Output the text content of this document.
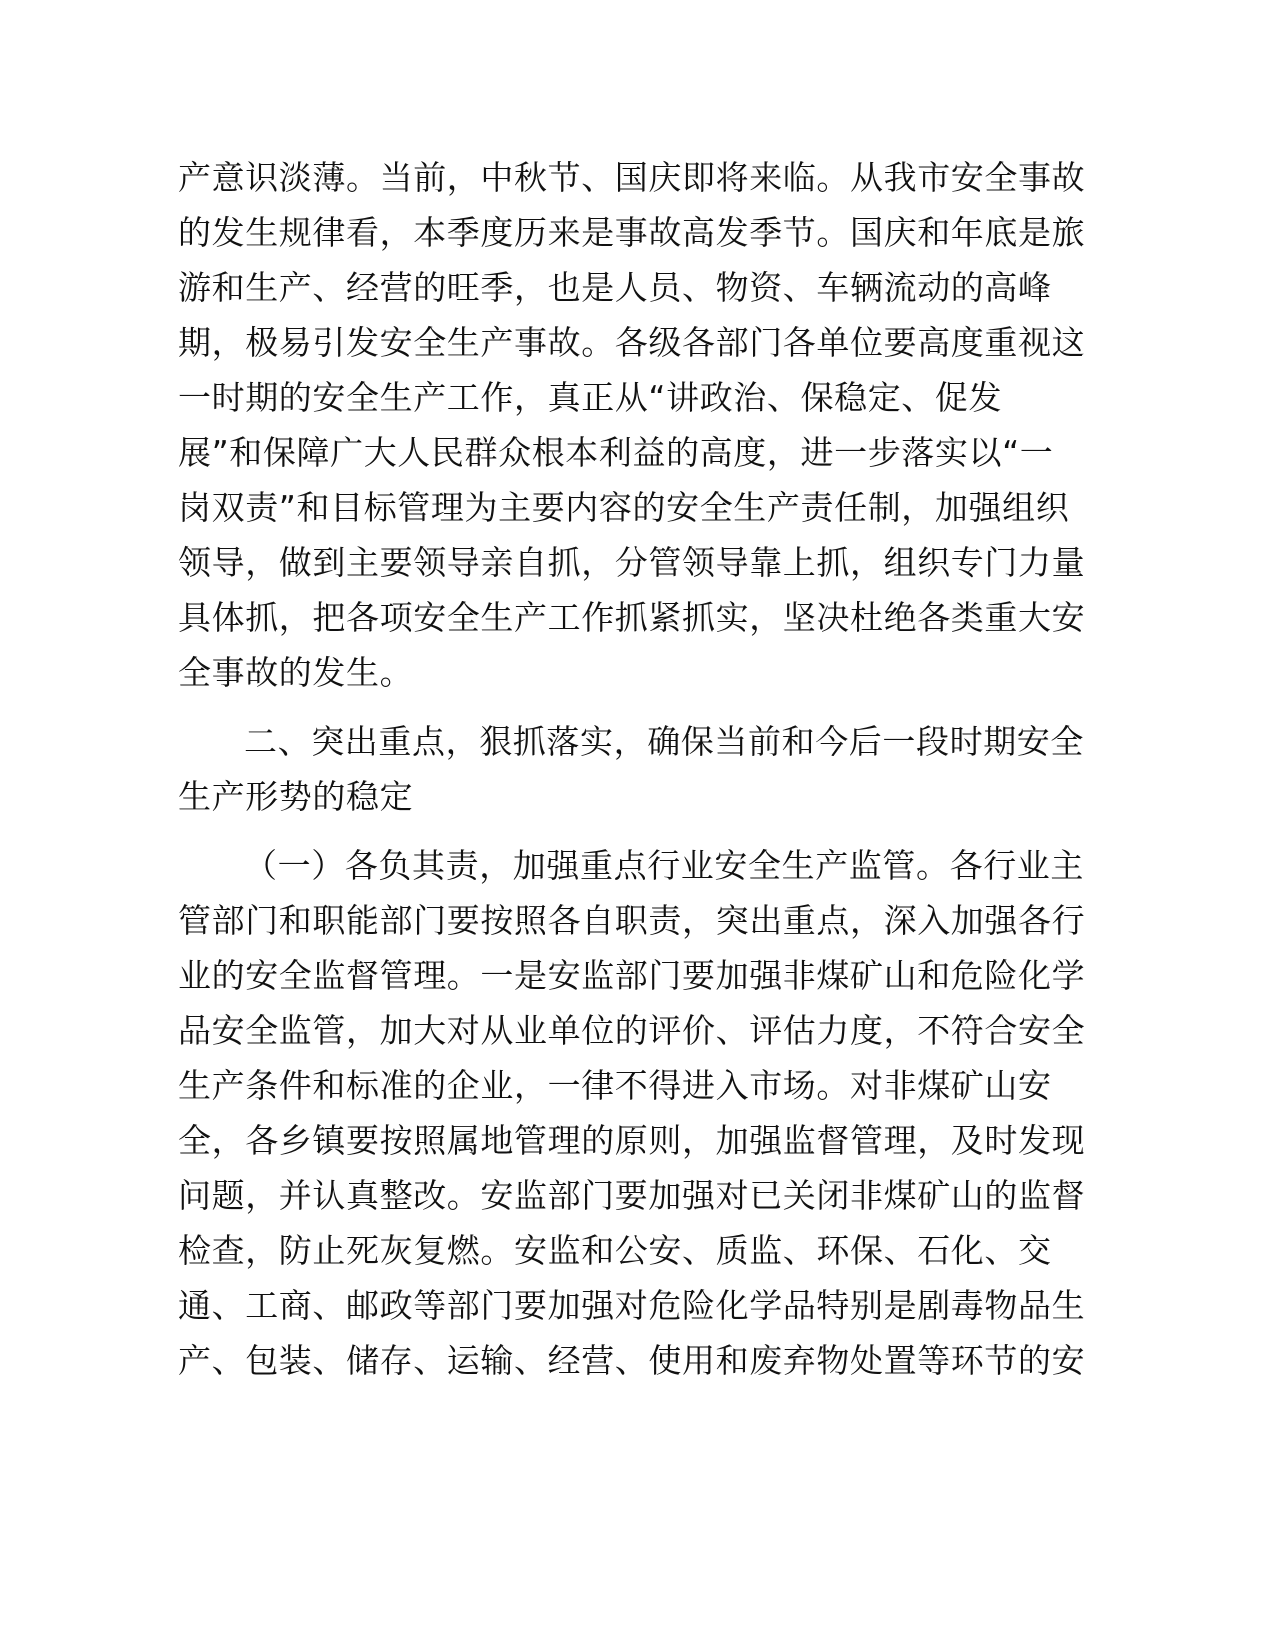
产意识淡薄。当前，中秋节、国庆即将来临。从我市安全事故
的发生规律看，本季度历来是事故高发季节。国庆和年底是旅
游和生产、经营的旺季，也是人员、物资、车辆流动的高峰
期，极易引发安全生产事故。各级各部门各单位要高度重视这
一时期的安全生产工作，真正从“讲政治、保稳定、促发
展”和保障广大人民群众根本利益的高度，进一步落实以“一
岗双责”和目标管理为主要内容的安全生产责任制，加强组织
领导，做到主要领导亲自抓，分管领导靠上抓，组织专门力量
具体抓，把各项安全生产工作抓紧抓实，坚决杜绝各类重大安
全事故的发生。

二、突出重点，狠抓落实，确保当前和今后一段时期安全
生产形势的稳定

（一）各负其责，加强重点行业安全生产监管。各行业主
管部门和职能部门要按照各自职责，突出重点，深入加强各行
业的安全监督管理。一是安监部门要加强非煤矿山和危险化学
品安全监管，加大对从业单位的评价、评估力度，不符合安全
生产条件和标准的企业，一律不得进入市场。对非煤矿山安
全，各乡镇要按照属地管理的原则，加强监督管理，及时发现
问题，并认真整改。安监部门要加强对已关闭非煤矿山的监督
检查，防止死灰复燃。安监和公安、质监、环保、石化、交
通、工商、邮政等部门要加强对危险化学品特别是剧毒物品生
产、包装、储存、运输、经营、使用和废弃物处置等环节的安
